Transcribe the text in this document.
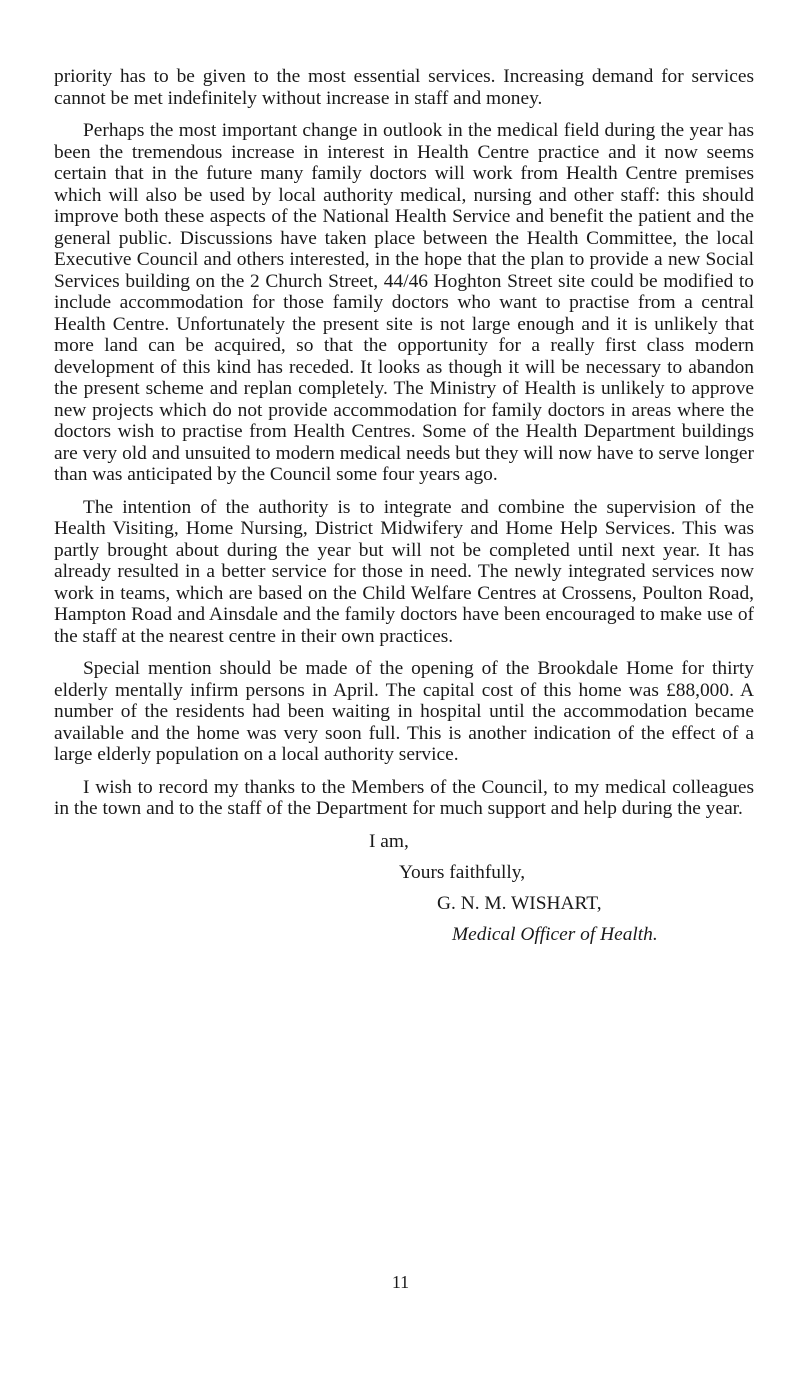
priority has to be given to the most essential services. Increasing demand for services cannot be met indefinitely without increase in staff and money.

Perhaps the most important change in outlook in the medical field during the year has been the tremendous increase in interest in Health Centre practice and it now seems certain that in the future many family doctors will work from Health Centre premises which will also be used by local authority medical, nursing and other staff: this should improve both these aspects of the National Health Service and benefit the patient and the general public. Discussions have taken place between the Health Committee, the local Executive Council and others interested, in the hope that the plan to provide a new Social Services building on the 2 Church Street, 44/46 Hoghton Street site could be modified to include accommodation for those family doctors who want to practise from a central Health Centre. Unfortunately the present site is not large enough and it is unlikely that more land can be acquired, so that the opportunity for a really first class modern development of this kind has receded. It looks as though it will be necessary to abandon the present scheme and replan completely. The Ministry of Health is unlikely to approve new projects which do not provide accommodation for family doctors in areas where the doctors wish to practise from Health Centres. Some of the Health Department buildings are very old and unsuited to modern medical needs but they will now have to serve longer than was anticipated by the Council some four years ago.

The intention of the authority is to integrate and combine the supervision of the Health Visiting, Home Nursing, District Midwifery and Home Help Services. This was partly brought about during the year but will not be completed until next year. It has already resulted in a better service for those in need. The newly integrated services now work in teams, which are based on the Child Welfare Centres at Crossens, Poulton Road, Hampton Road and Ainsdale and the family doctors have been encouraged to make use of the staff at the nearest centre in their own practices.

Special mention should be made of the opening of the Brookdale Home for thirty elderly mentally infirm persons in April. The capital cost of this home was £88,000. A number of the residents had been waiting in hospital until the accommodation became available and the home was very soon full. This is another indication of the effect of a large elderly population on a local authority service.

I wish to record my thanks to the Members of the Council, to my medical colleagues in the town and to the staff of the Department for much support and help during the year.

I am,
Yours faithfully,
G. N. M. WISHART,
Medical Officer of Health.
11
